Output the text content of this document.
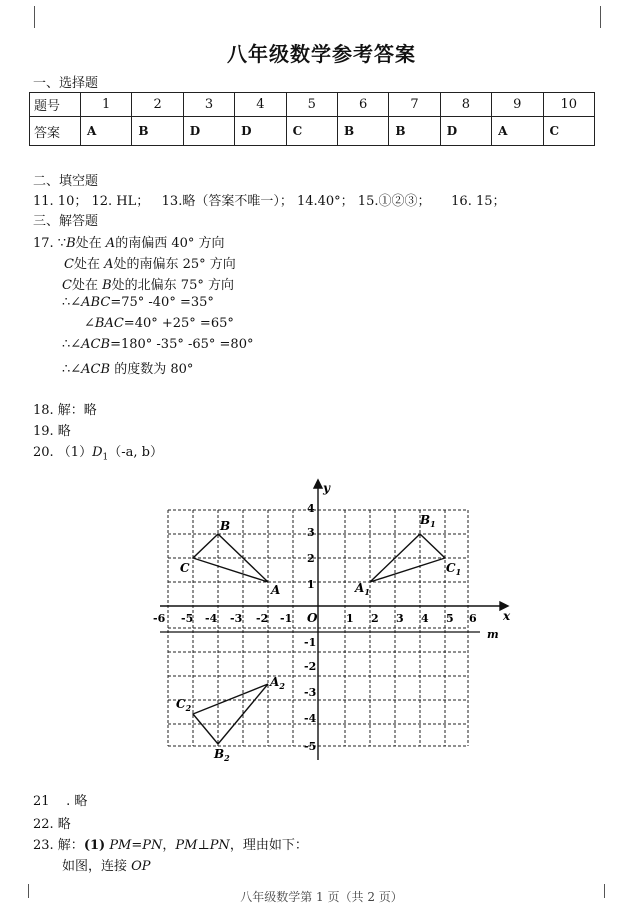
八年级数学参考答案
一、选择题
题号	1	2	3	4	5	6	7	8	9	10
答案	A	B	D	D	C	B	B	D	A	C
二、填空题
11. 10； 12. HL；   13.略（答案不唯一）； 14.40°； 15.①②③；     16. 15；
三、解答题
17. ∵B处在 A的南偏西 40° 方向
C处在 A处的南偏东 25° 方向
C处在 B处的北偏东 75° 方向
∴∠ABC=75° -40° =35°
∠BAC=40° +25° =65°
∴∠ACB=180° -35° -65° =80°
∴∠ACB 的度数为 80°
18. 解：略
19. 略
20. $(1)D_1(-a$, b）
y
x
m
O
-6 -5 -4 -3 -2 -1	1 2 3 4 5 6
4
3
2
1
-1
-2
-3
-4
-5
B
C
A
$B_1$
$C_1$
$A_1$
$A_2$
$B_2$
$C_2$
21 . 略
22. 略
23. 解：(1) PM=PN，PM⊥PN，理由如下：
如图，连接 OP
八年级数学第 1 页（共 2 页）
